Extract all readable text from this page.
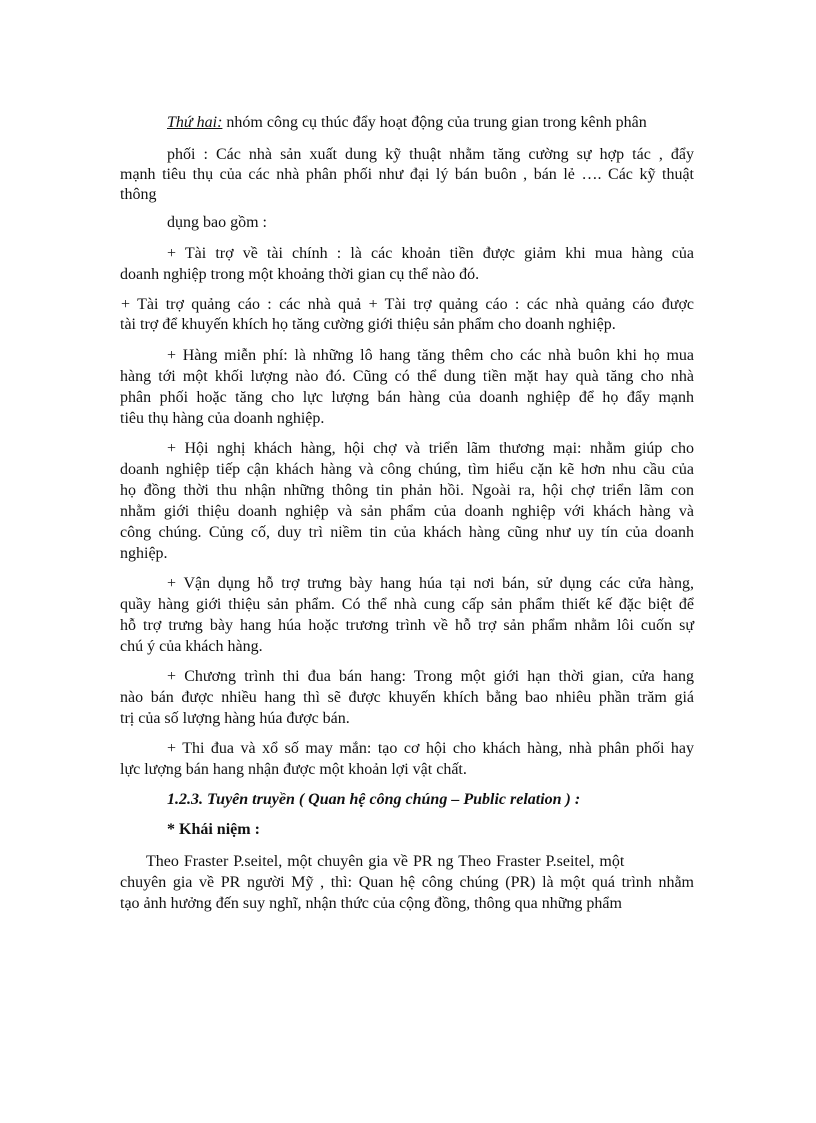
Thứ hai: nhóm công cụ thúc đẩy hoạt động của trung gian trong kênh phân
phối : Các nhà sản xuất dung kỹ thuật nhằm tăng cường sự hợp tác , đẩy
mạnh tiêu thụ của các nhà phân phối như đại lý bán buôn , bán lẻ …. Các kỹ thuật
thông
dụng bao gồm :
+ Tài trợ về tài chính : là các khoản tiền được giảm khi mua hàng của
doanh nghiệp trong một khoảng thời gian cụ thể nào đó.
+ Tài trợ quảng cáo : các nhà quả + Tài trợ quảng cáo : các nhà quảng cáo được
tài trợ để khuyến khích họ tăng cường giới thiệu sản phẩm cho doanh nghiệp.
+ Hàng miễn phí: là những lô hang tăng thêm cho các nhà buôn khi họ mua
hàng tới một khối lượng nào đó. Cũng có thể dung tiền mặt hay quà tăng cho nhà
phân phối hoặc tăng cho lực lượng bán hàng của doanh nghiệp để họ đẩy mạnh
tiêu thụ hàng của doanh nghiệp.
+ Hội nghị khách hàng, hội chợ và triển lãm thương mại: nhằm giúp cho
doanh nghiệp tiếp cận khách hàng và công chúng, tìm hiểu cặn kẽ hơn nhu cầu của
họ đồng thời thu nhận những thông tin phản hồi. Ngoài ra, hội chợ triển lãm con
nhằm giới thiệu doanh nghiệp và sản phẩm của doanh nghiệp với khách hàng và
công chúng. Củng cố, duy trì niềm tin của khách hàng cũng như uy tín của doanh
nghiệp.
+ Vận dụng hỗ trợ trưng bày hang húa tại nơi bán, sử dụng các cửa hàng,
quầy hàng giới thiệu sản phẩm. Có thể nhà cung cấp sản phẩm thiết kế đặc biệt để
hỗ trợ trưng bày hang húa hoặc trương trình về hỗ trợ sản phẩm nhằm lôi cuốn sự
chú ý của khách hàng.
+ Chương trình thi đua bán hang: Trong một giới hạn thời gian, cửa hang
nào bán được nhiều hang thì sẽ được khuyến khích bằng bao nhiêu phần trăm giá
trị của số lượng hàng húa được bán.
+ Thi đua và xổ số may mắn: tạo cơ hội cho khách hàng, nhà phân phối hay
lực lượng bán hang nhận được một khoản lợi vật chất.
1.2.3. Tuyên truyền ( Quan hệ công chúng – Public relation ) :
* Khái niệm :
Theo Fraster P.seitel, một chuyên gia về PR ng Theo Fraster P.seitel, một
chuyên gia về PR người Mỹ , thì: Quan hệ công chúng (PR) là một quá trình nhằm
tạo ảnh hưởng đến suy nghĩ, nhận thức của cộng đồng, thông qua những phẩm
